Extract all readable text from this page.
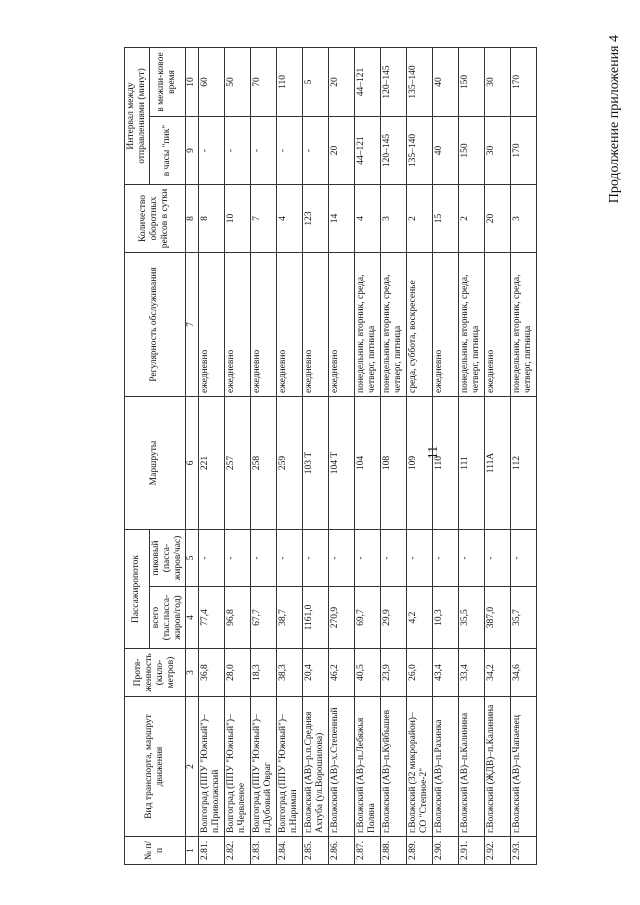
11
Продолжение приложения 4
№ п/п	Вид транспорта, маршрут движения	Протя-женность (кило-метров)	Пассажиропоток		Маршруты	Регулярность обслуживания	Количество оборотных рейсов в сутки	Интервал между отправлениями (минут)	
			всего (тыс.пасса-жиров/год)	пиковый (пасса-жиров/час)				в часы "пик"	в межпи-ковое время
1	2	3	4	5	6	7	8	9	10
2.81.	Волгоград (ППУ "Южный")–п.Приволжский	36,8	77,4	-	221	ежедневно	8	-	60
2.82.	Волгоград (ППУ "Южный")–п.Червленое	28,0	96,8	-	257	ежедневно	10	-	50
2.83.	Волгоград (ППУ "Южный")–п.Дубовый Овраг	18,3	67,7	-	258	ежедневно	7	-	70
2.84.	Волгоград (ППУ "Южный")–п.Нариман	38,3	38,7	-	259	ежедневно	4	-	110
2.85.	г.Волжский (АВ)–р.п.Средняя Ахтуба (ул.Ворошилова)	20,4	1161,0	-	103 Т	ежедневно	123	-	5
2.86.	г.Волжский (АВ)–х.Степенный	46,2	270,9	-	104 Т	ежедневно	14	20	20
2.87.	г.Волжский (АВ)–п.Лебяжья Поляна	40,5	69,7	-	104	понедельник, вторник, среда, четверг, пятница	4	44–121	44–121
2.88.	г.Волжский (АВ)–п.Куйбышев	23,9	29,9	-	108	понедельник, вторник, среда, четверг, пятница	3	120–145	120–145
2.89.	г.Волжский (32 микрорайон)–СО "Степное-2"	26,0	4,2	-	109	среда, суббота, воскресенье	2	135–140	135–140
2.90.	г.Волжский (АВ)–п.Рахинка	43,4	10,3	-	110	ежедневно	15	40	40
2.91.	г.Волжский (АВ)–п.Калинина	33,4	35,5	-	111	понедельник, вторник, среда, четверг, пятница	2	150	150
2.92.	г.Волжский (ЖДВ)–п.Калинина	34,2	387,0	-	111А	ежедневно	20	30	30
2.93.	г.Волжский (АВ)–п.Чапаевец	34,6	35,7	-	112	понедельник, вторник, среда, четверг, пятница	3	170	170
